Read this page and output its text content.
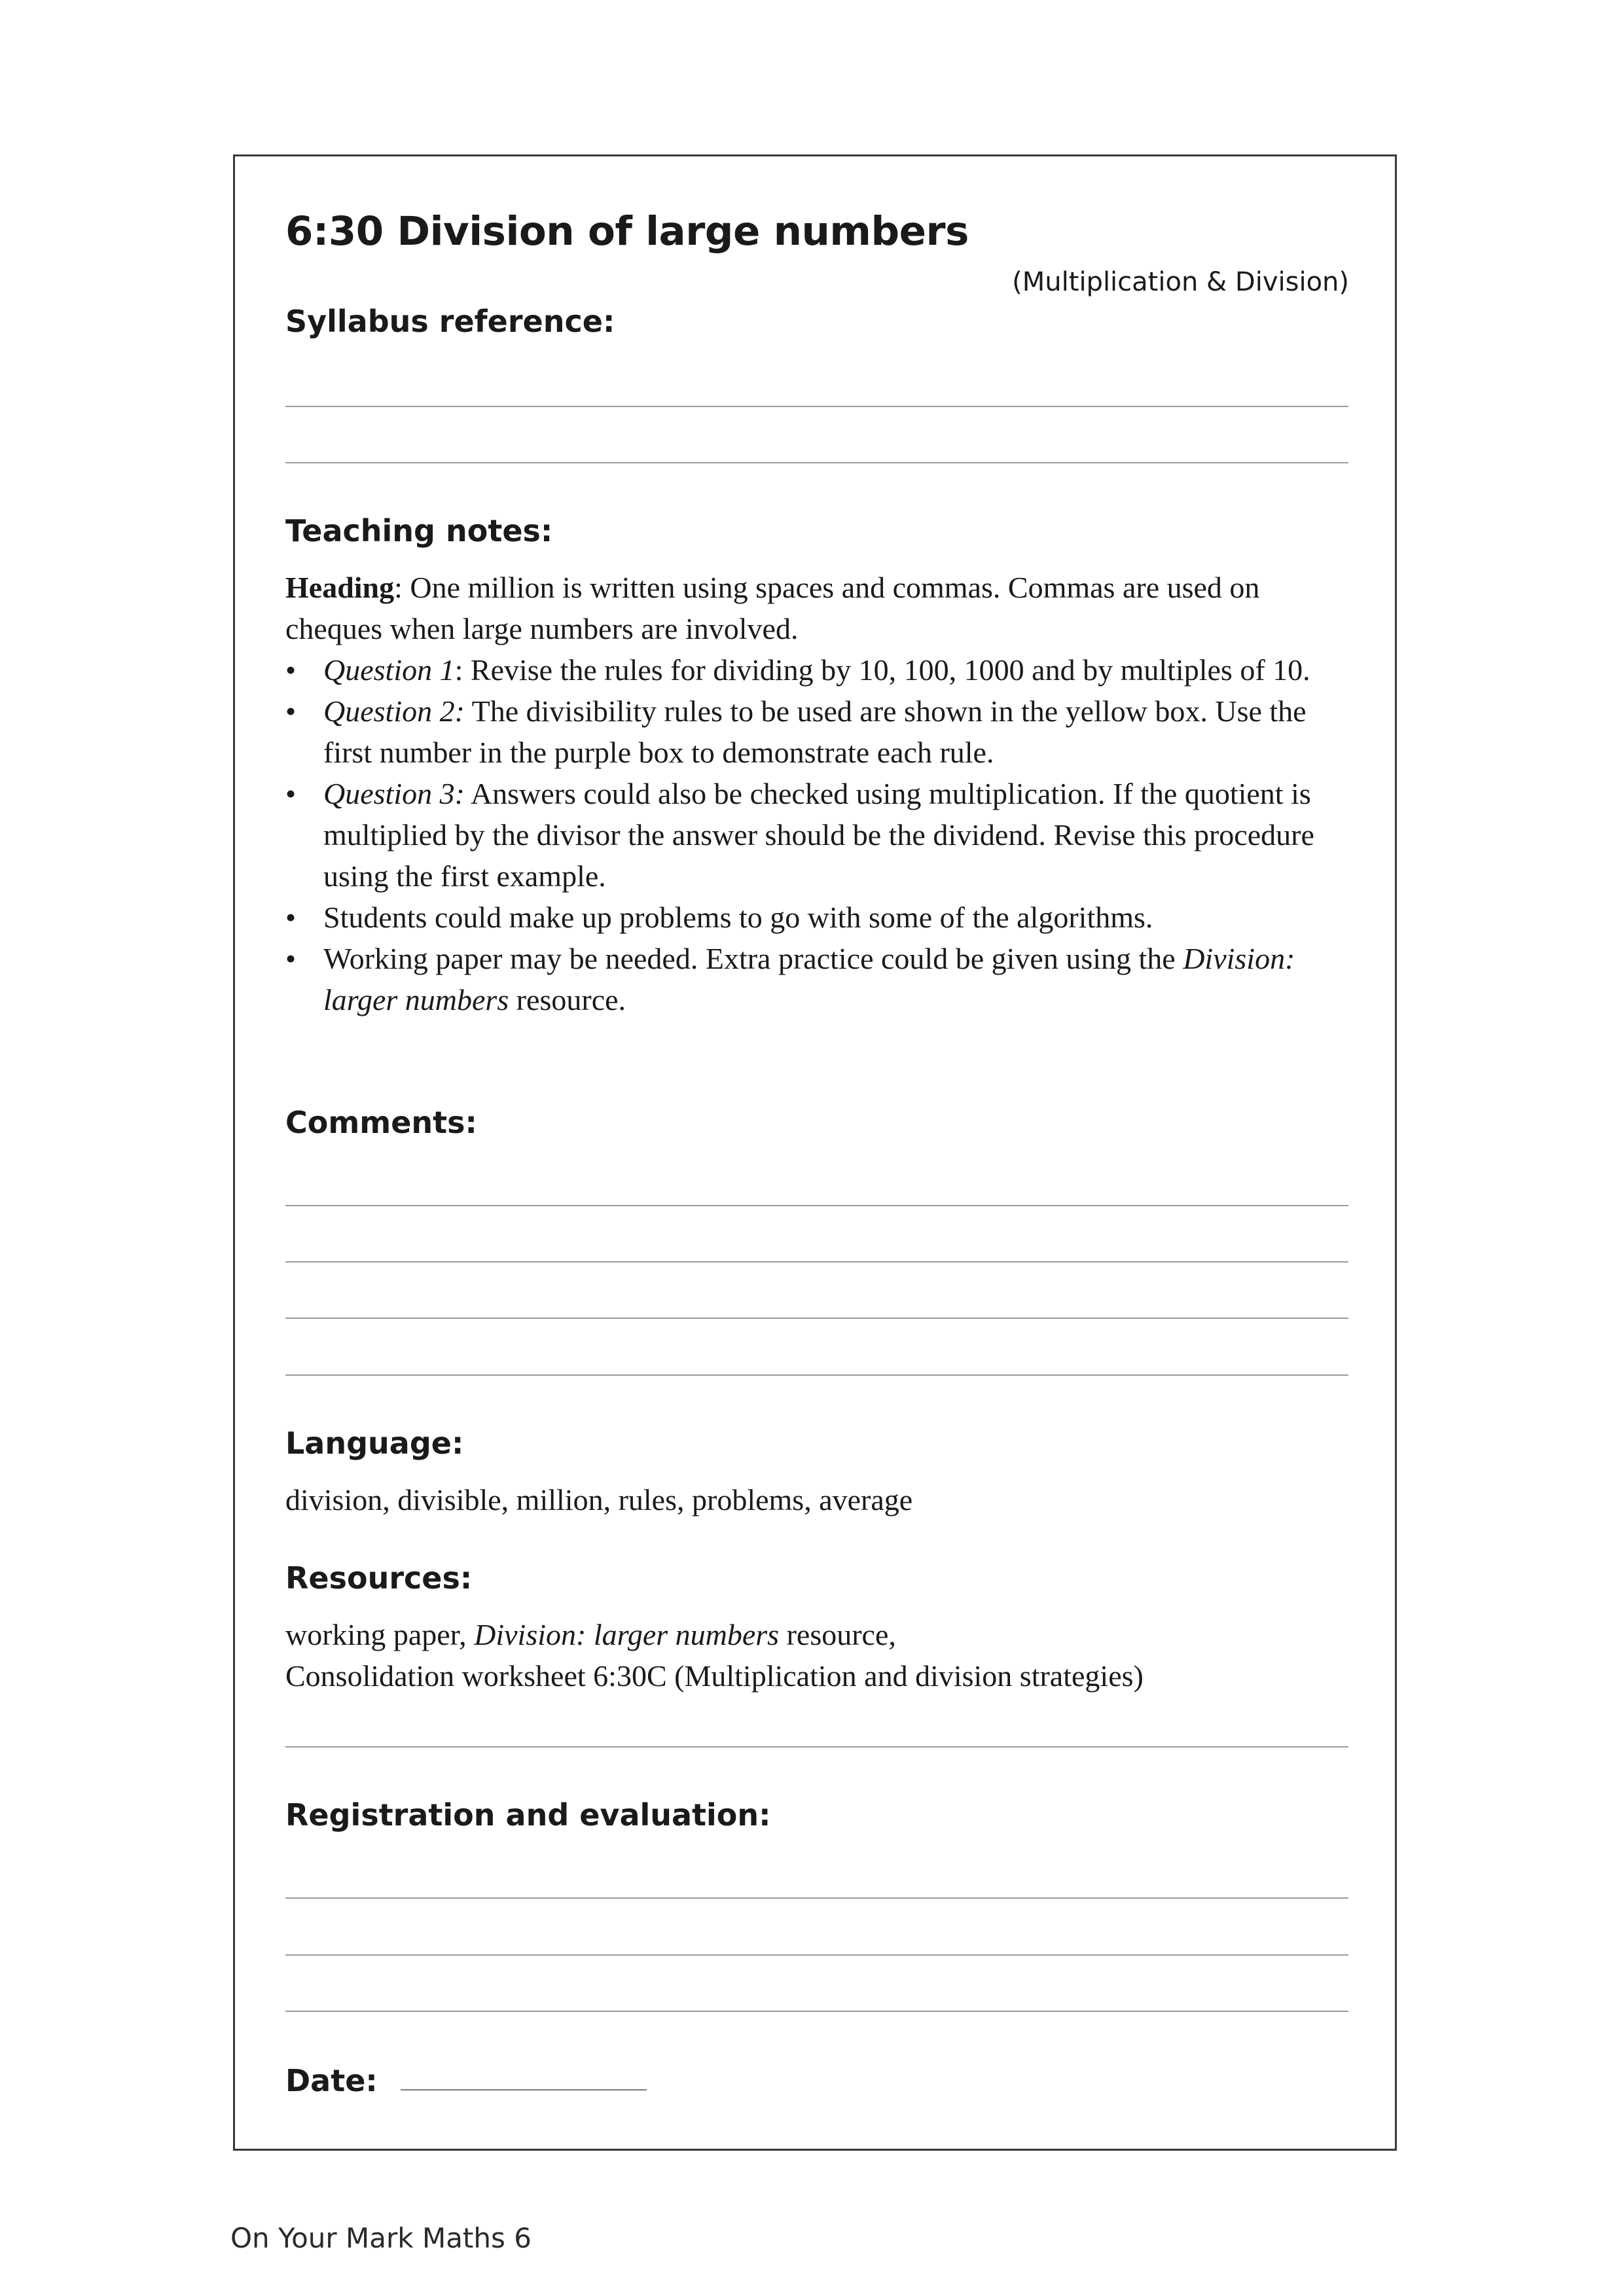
6:30 Division of large numbers
(Multiplication & Division)
Syllabus reference:
Teaching notes:

Heading: One million is written using spaces and commas. Commas are used on cheques when large numbers are involved.

• Question 1: Revise the rules for dividing by 10, 100, 1000 and by multiples of 10.
• Question 2: The divisibility rules to be used are shown in the yellow box. Use the first number in the purple box to demonstrate each rule.
• Question 3: Answers could also be checked using multiplication. If the quotient is multiplied by the divisor the answer should be the dividend. Revise this procedure using the first example.
• Students could make up problems to go with some of the algorithms.
• Working paper may be needed. Extra practice could be given using the Division: larger numbers resource.
Comments:
Language:
division, divisible, million, rules, problems, average
Resources:

working paper, Division: larger numbers resource,

Consolidation worksheet 6:30C (Multiplication and division strategies)

Registration and evaluation:
Date:
On Your Mark Maths 6
